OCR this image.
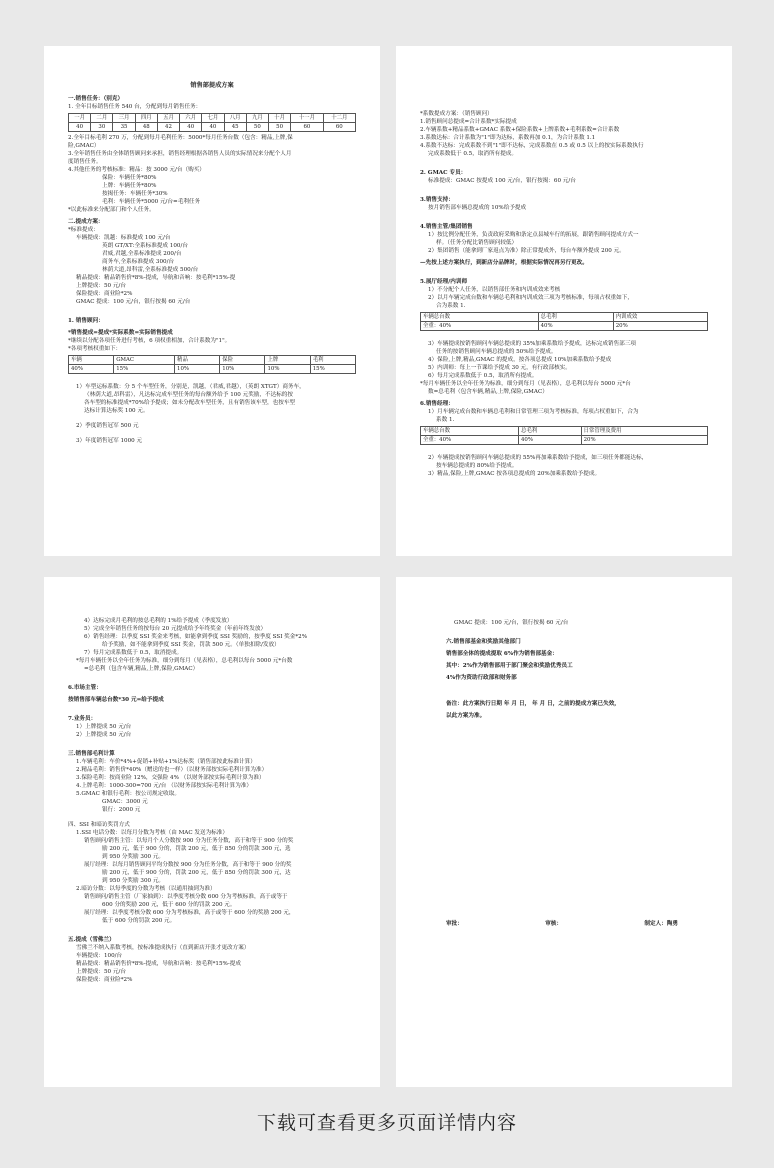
销售部提成方案
一.销售任务：（别克）
1. 全年目标销售任务 540 台，分配到每月销售任务：
一月	二月	三月	四月	五月	六月	七月	八月	九月	十月	十一月	十二月
40	30	35	48	42	40	40	45	50	50	60	60
2.全年目标毛利 270 万，分配到每月毛利任务：5000*每月任务台数（包含：精品,上牌,保
险,GMAC）
3.全年销售任务由全体销售顾问来承担，销售经理根据各销售人员的实际情况来分配个人月
度销售任务。
4.其他任务的考核标准：精品：按 3000 元/台（购买）
保险：车辆任务*80%
上牌：车辆任务*80%
按揭任务：车辆任务*30%
毛利：车辆任务*5000 元/台=毛利任务
*以此标准来分配部门和个人任务。
二.提成方案：
*标准提成：
车辆提成：凯越：标准提成 100 元/台
英朗 GT/XT:全系标准提成 100/台
君威,君越,全系标准提成 200/台
商务车,全系标准提成 300/台
林荫大道,昂科雷,全系标准提成 500/台
精品提成：精品销售价*8%-提成，导航和音响：按毛利*15%-提
上牌提成：50 元/台
保险提成：商业险*2%
GMAC 提成：100 元/台，银行按揭 60 元/台
1. 销售顾问：
*销售提成=提成*实际系数=实际销售提成
*继续以分配各项任务进行考核，6 项权重相加，合计系数为"1"。
*各项考核权重如下：
车辆	GMAC	精品	保险	上牌	毛利
40%	15%	10%	10%	10%	15%
1）车型运标系数：分 5 个车型任务，分别是，凯越，（君威,君越），（英朗 XTGT）商务车，
（林荫大道,昂科雷），凡达标完成车型任务的每台额外给予 100 元奖励，不达标的按
各车型的标准提成*70%给予提成；如未分配改车型任务，且有销售该车型，也按车型
达标计算达标奖 100 元。
2）季度销售冠军 500 元
3）年度销售冠军 1000 元
*系数提成方案：（销售顾问）
1.销售顾问总提成=合计系数*实际提成
2.车辆系数+精品系数+GMAC 系数+保险系数+上牌系数+毛利系数=合计系数
3.系数达标：合计系数为"1"即为达标，系数再加 0.1，为合计系数 1.1
4.系数不达标：完成系数不到"1"即不达标，完成系数在 0.5 或 0.5 以上的按实际系数执行
完成系数低于 0.5，取消所有提成。
2. GMAC 专员：
标准提成：GMAC 按提成 100 元/台，银行按揭：60 元/台
3.销售支持：
按月销售部车辆总提成的 10%给予提成
4.销售主管/集团销售
1）按比例分配任务，负责政府采购和条定点县城车行的拓展，跟销售顾问提成方式一
样。（任务分配比销售顾问较低）
2）集团销售（能拿到厂家返点为准）除正常提成外，每台车额外提成 200 元。
—先按上述方案执行，到新店分品牌时，根据实际情况再另行更改。
5.展厅经理/内训师
1）不分配个人任务，以销售部任务和内训成效来考核
2）以月车辆完成台数和车辆总毛利和内训成效三项为考核标准，每项占权重如下，
合为系数 1.
车辆总台数	总毛利	内训成效
全重：40%	40%	20%
3）车辆提成按销售顾问车辆总提成的 35%加乘系数给予提成，达标完成销售部三项
任务的按销售顾问车辆总提成的 50%给予提成。
4）保险,上牌,精品,GMAC 的提成，按各项总提成 10%加乘系数给予提成
5）内训师：每上一节课给予提成 30 元，有行政部核实。
6）每月完成系数低于 0.5，取消所有提成。
*每月车辆任务以全年任务为标准，细分到每月（见表格），总毛利以每台 5000 元*台
数=总毛利（包含车辆,精品,上牌,保险,GMAC）
6.销售经理：
1）月车辆完成台数和车辆总毛利和日常管理三项为考核标准，每项占权重如下，合为
系数 1.
车辆总台数	总毛利	日常管理及费用
全重：40%	40%	20%
2）车辆提成按销售顾问车辆总提成的 55%再加乘系数给予提成，如三项任务都能达标，
按车辆总提成的 80%给予提成。
3）精品,保险,上牌,GMAC 按各项总提成的 20%加乘系数给予提成。
4）达标完成月毛利的按总毛利的 1%给予提成（季度发放）
5）完成全年销售任务的按每台 20 元提成给予年终奖金（年前年终发放）
6）销售经理：以季度 SSI 奖金来考核，如能拿到季度 SSI 奖励的，按季度 SSI 奖金*2%
给予奖励，如不能拿到季度 SSI 奖金，罚款 500 元。（单独扣除/发放）
7）每月完成系数低于 0.5，取消提成。
*每月车辆任务以全年任务为标准，细分到每月（见表格），总毛利以每台 5000 元*台数
=总毛利（包含车辆,精品,上牌,保险,GMAC）
6.市场主管：
按销售部车辆总台数*30 元=给予提成
7.业务员：
1）上牌提成 50 元/台
2）上牌提成 50 元/台
三.销售部毛利计算
1.车辆毛利：车价*4%+促销+补贴+1%达标奖（销售部按此标准计算）
2.精品毛利：销售价*40%（赠送的也一样）（以财务部按实际毛利计算为准）
3.保险毛利：按商业险 12%，交强险 4% （以财务部按实际毛利计算为准）
4.上牌毛利：1000-300=700 元/台 （以财务部按实际毛利计算为准）
5.GMAC 和银行毛利：按公司规定收取。
GMAC：3000 元
银行：2000 元
四、SSI 和暗访奖罚方式
1.SSI 电话分数：以每月分数为考核（由 MAC 发送为标准）
销售顾问/销售主管：以每月个人分数按 900 分为任务分数，高于和等于 900 分的奖
励 200 元，低于 900 分的，罚款 200 元，低于 850 分的罚款 300 元，选
到 950 分奖励 300 元。
展厅经理：以每月销售顾问平均分数按 900 分为任务分数，高于和等于 900 分的奖
励 200 元，低于 900 分的，罚款 200 元，低于 850 分的罚款 300 元，达
到 950 分奖励 300 元。
2.暗访分数：以每季度的分数为考核（以通用抽到为准）
销售顾问/销售主管（厂家抽到）：以季度考核分数 600 分为考核标准，高于或等于
600 分的奖励 200 元，低于 600 分的罚款 200 元。
展厅经理：以季度考核分数 600 分为考核标准，高于或等于 600 分的奖励 200 元，
低于 600 分的罚款 200 元。
五.提成（雪佛兰）
雪佛兰不纳入系数考核，按标准提成执行（直到新店开张才更改方案）
车辆提成：100/台
精品提成：精品销售价*8%-提成，导航和音响：按毛利*15%-提成
上牌提成：50 元/台
保险提成：商业险*2%
GMAC 提成：100 元/台，银行按揭 60 元/台
六.销售部基金和奖励其他部门
销售部全体的提成提取 6%作为销售部基金：
其中：2%作为销售部用于部门聚会和奖励优秀员工
4%作为资助行政部和财务部
备注：此方案执行日期 年 月 日， 年 月 日，之前的提成方案已失效，
以此方案为准。
审批：	审核：	制定人：陶勇
下载可查看更多页面详情内容
